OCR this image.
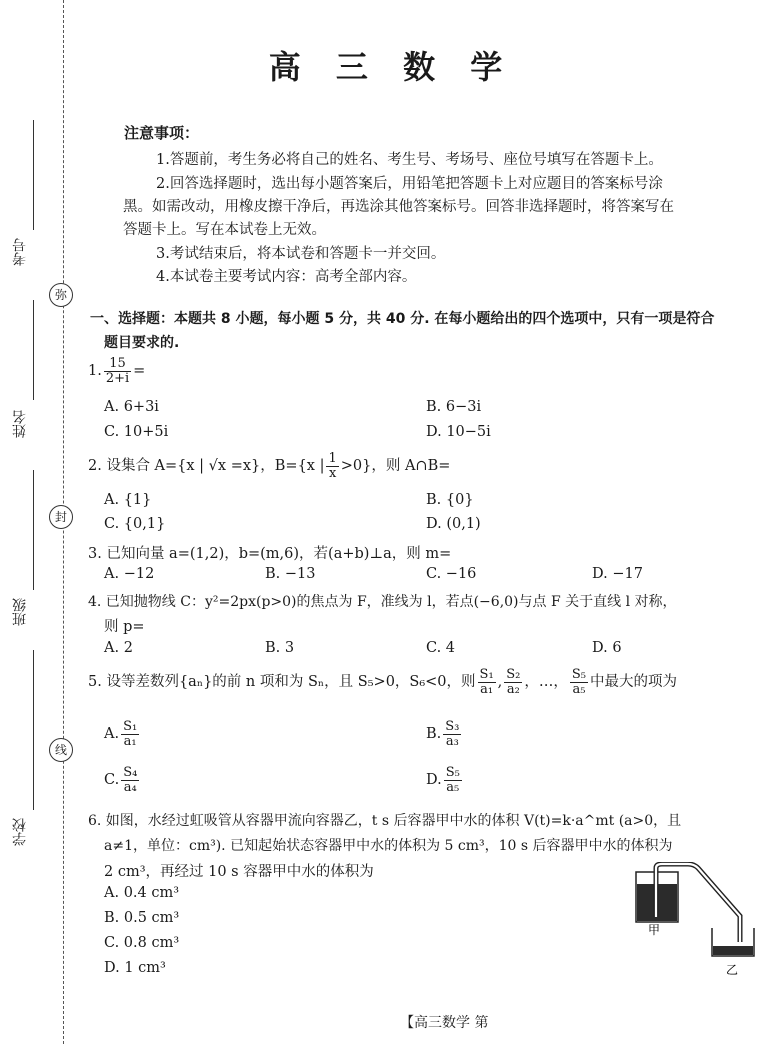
考号
姓名
班级
学校
弥
封
线
高 三 数 学
注意事项：
1.答题前，考生务必将自己的姓名、考生号、考场号、座位号填写在答题卡上。
2.回答选择题时，选出每小题答案后，用铅笔把答题卡上对应题目的答案标号涂
黑。如需改动，用橡皮擦干净后，再选涂其他答案标号。回答非选择题时，将答案写在
答题卡上。写在本试卷上无效。
3.考试结束后，将本试卷和答题卡一并交回。
4.本试卷主要考试内容：高考全部内容。
一、选择题：本题共 8 小题，每小题 5 分，共 40 分. 在每小题给出的四个选项中，只有一项是符合
题目要求的.
1. $\frac{15}{2+i}$ =
A. 6+3i	B. 6−3i
C. 10+5i	D. 10−5i
2. 设集合 A={x | √x =x}，B={x | $\frac{1}{x} >0$}，则 A∩B=
A. {1}	B. {0}
C. {0,1}	D. (0,1)
3. 已知向量 a=(1,2)，b=(m,6)，若(a+b)⊥a，则 m=
A. −12	B. −13	C. −16	D. −17
4. 已知抛物线 C：y²=2px(p>0)的焦点为 F，准线为 l，若点(−6,0)与点 F 关于直线 l 对称，
则 p=
A. 2	B. 3	C. 4	D. 6
5. 设等差数列{aₙ}的前 n 项和为 Sₙ，且 S₅>0，S₆<0，则 $\frac{\text{S₁}}{\text{a₁}}$ , $\frac{\text{S₂}}{\text{a₂}}$ ，…， $\frac{\text{S₅}}{\text{a₅}}$ 中最大的项为
A. $\frac{\text{S₁}}{\text{a₁}}$	B. $\frac{\text{S₃}}{\text{a₃}}$
C. $\frac{\text{S₄}}{\text{a₄}}$	D. $\frac{\text{S₅}}{\text{a₅}}$
6. 如图，水经过虹吸管从容器甲流向容器乙，t s 后容器甲中水的体积 V(t)=k·a^mt (a>0，且
a≠1，单位：cm³). 已知起始状态容器甲中水的体积为 5 cm³，10 s 后容器甲中水的体积为
2 cm³，再经过 10 s 容器甲中水的体积为
A. 0.4 cm³
B. 0.5 cm³
C. 0.8 cm³
D. 1 cm³
甲
乙
【高三数学 第
